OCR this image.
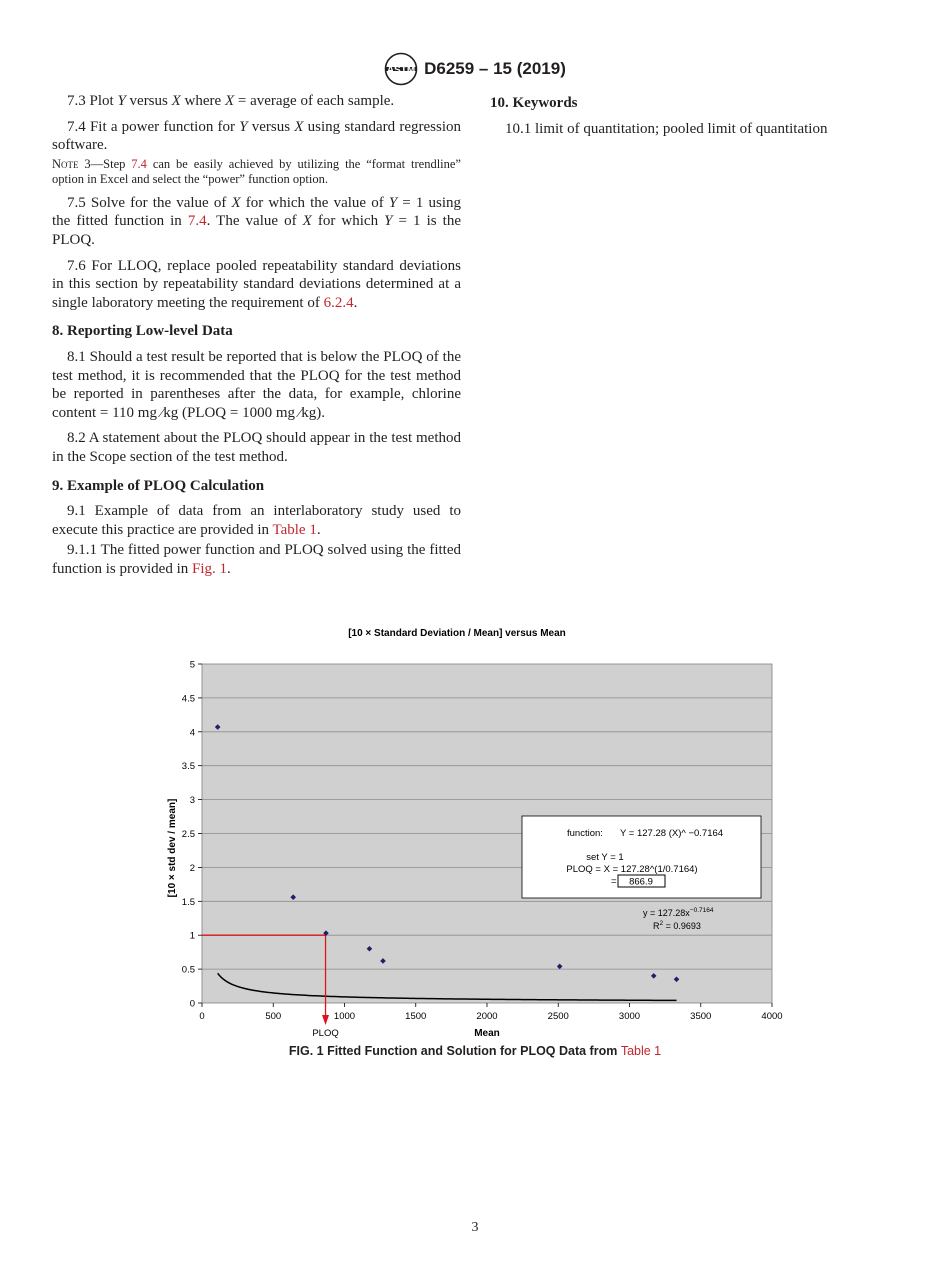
ASTM D6259 – 15 (2019)

7.3 Plot Y versus X where X = average of each sample.

7.4 Fit a power function for Y versus X using standard regression software.

Note 3—Step 7.4 can be easily achieved by utilizing the “format trendline” option in Excel and select the “power” function option.

7.5 Solve for the value of X for which the value of Y = 1 using the fitted function in 7.4. The value of X for which Y = 1 is the PLOQ.

7.6 For LLOQ, replace pooled repeatability standard deviations in this section by repeatability standard deviations determined at a single laboratory meeting the requirement of 6.2.4.

8. Reporting Low-level Data

8.1 Should a test result be reported that is below the PLOQ of the test method, it is recommended that the PLOQ for the test method be reported in parentheses after the data, for example, chlorine content = 110 mg ⁄kg (PLOQ = 1000 mg ⁄kg).

8.2 A statement about the PLOQ should appear in the test method in the Scope section of the test method.

9. Example of PLOQ Calculation

9.1 Example of data from an interlaboratory study used to execute this practice are provided in Table 1.

9.1.1 The fitted power function and PLOQ solved using the fitted function is provided in Fig. 1.

10. Keywords

10.1 limit of quantitation; pooled limit of quantitation

[10 × Standard Deviation / Mean] versus Mean
0
0.5
1
1.5
2
2.5
3
3.5
4
4.5
5
0	500	1000	1500	2000	2500	3000	3500	4000
[10 × std dev / mean]
Mean
PLOQ
function: Y = 127.28 (X)^ −0.7164
set Y = 1
PLOQ = X = 127.28^(1/0.7164)
= 866.9
$y = 127.28x^{-0.7164}$
$R^2 = 0.9693$
FIG. 1 Fitted Function and Solution for PLOQ Data from Table 1
3
